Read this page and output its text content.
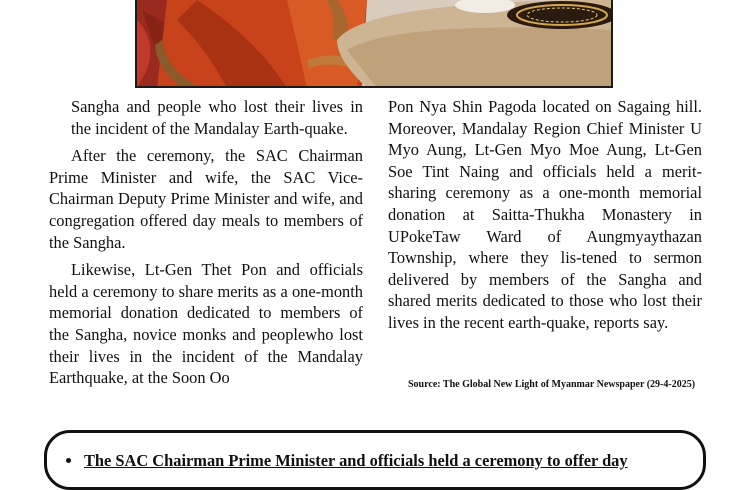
Sangha and people who lost their lives in the incident of the Mandalay Earth-quake.

After the ceremony, the SAC Chairman Prime Minister and wife, the SAC Vice-Chairman Deputy Prime Minister and wife, and congregation offered day meals to members of the Sangha.

Likewise, Lt-Gen Thet Pon and officials held a ceremony to share merits as a one-month memorial donation dedicated to members of the Sangha, novice monks and peoplewho lost their lives in the incident of the Mandalay Earthquake, at the Soon Oo

Pon Nya Shin Pagoda located on Sagaing hill. Moreover, Mandalay Region Chief Minister U Myo Aung, Lt-Gen Myo Moe Aung, Lt-Gen Soe Tint Naing and officials held a merit-sharing ceremony as a one-month memorial donation at Saitta-Thukha Monastery in UPokeTaw Ward of Aungmyaythazan Township, where they lis-tened to sermon delivered by members of the Sangha and shared merits dedicated to those who lost their lives in the recent earth-quake, reports say.

Source: The Global New Light of Myanmar Newspaper (29-4-2025)
The SAC Chairman Prime Minister and officials held a ceremony to offer day
